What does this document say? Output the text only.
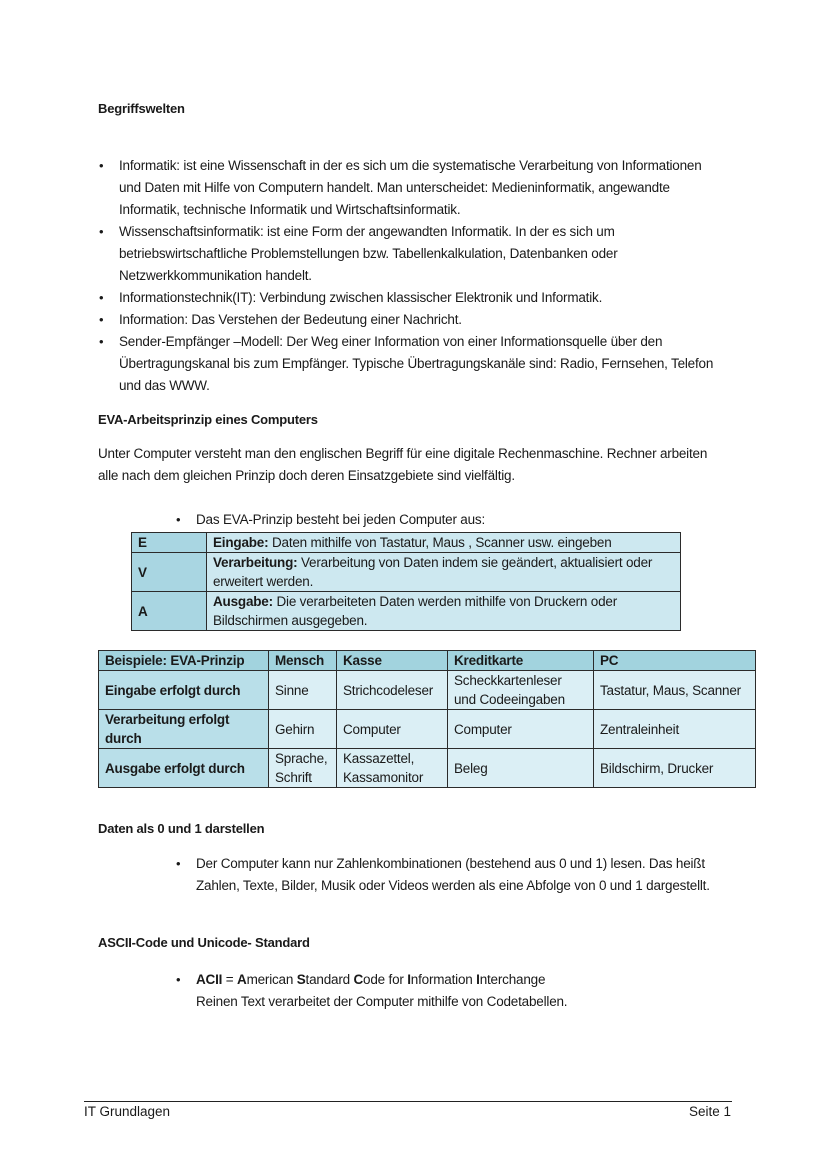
Begriffswelten
• Informatik: ist eine Wissenschaft in der es sich um die systematische Verarbeitung von Informationen und Daten mit Hilfe von Computern handelt. Man unterscheidet: Medieninformatik, angewandte Informatik, technische Informatik und Wirtschaftsinformatik.
• Wissenschaftsinformatik: ist eine Form der angewandten Informatik. In der es sich um betriebswirtschaftliche Problemstellungen bzw. Tabellenkalkulation, Datenbanken oder Netzwerkkommunikation handelt.
• Informationstechnik(IT): Verbindung zwischen klassischer Elektronik und Informatik.
• Information: Das Verstehen der Bedeutung einer Nachricht.
• Sender-Empfänger –Modell: Der Weg einer Information von einer Informationsquelle über den Übertragungskanal bis zum Empfänger. Typische Übertragungskanäle sind: Radio, Fernsehen, Telefon und das WWW.
EVA-Arbeitsprinzip eines Computers
Unter Computer versteht man den englischen Begriff für eine digitale Rechenmaschine. Rechner arbeiten alle nach dem gleichen Prinzip doch deren Einsatzgebiete sind vielfältig.
• Das EVA-Prinzip besteht bei jeden Computer aus:
E	Eingabe: Daten mithilfe von Tastatur, Maus , Scanner usw. eingeben
V	Verarbeitung: Verarbeitung von Daten indem sie geändert, aktualisiert oder erweitert werden.
A	Ausgabe: Die verarbeiteten Daten werden mithilfe von Druckern oder Bildschirmen ausgegeben.
Beispiele: EVA-Prinzip	Mensch	Kasse	Kreditkarte	PC
Eingabe erfolgt durch	Sinne	Strichcodeleser	Scheckkartenleser und Codeeingaben	Tastatur, Maus, Scanner
Verarbeitung erfolgt durch	Gehirn	Computer	Computer	Zentraleinheit
Ausgabe erfolgt durch	Sprache, Schrift	Kassazettel, Kassamonitor	Beleg	Bildschirm, Drucker
Daten als 0 und 1 darstellen
• Der Computer kann nur Zahlenkombinationen (bestehend aus 0 und 1) lesen. Das heißt Zahlen, Texte, Bilder, Musik oder Videos werden als eine Abfolge von 0 und 1 dargestellt.
ASCII-Code und Unicode- Standard
• ACII = American Standard Code for Information Interchange
Reinen Text verarbeitet der Computer mithilfe von Codetabellen.
IT Grundlagen	Seite 1
